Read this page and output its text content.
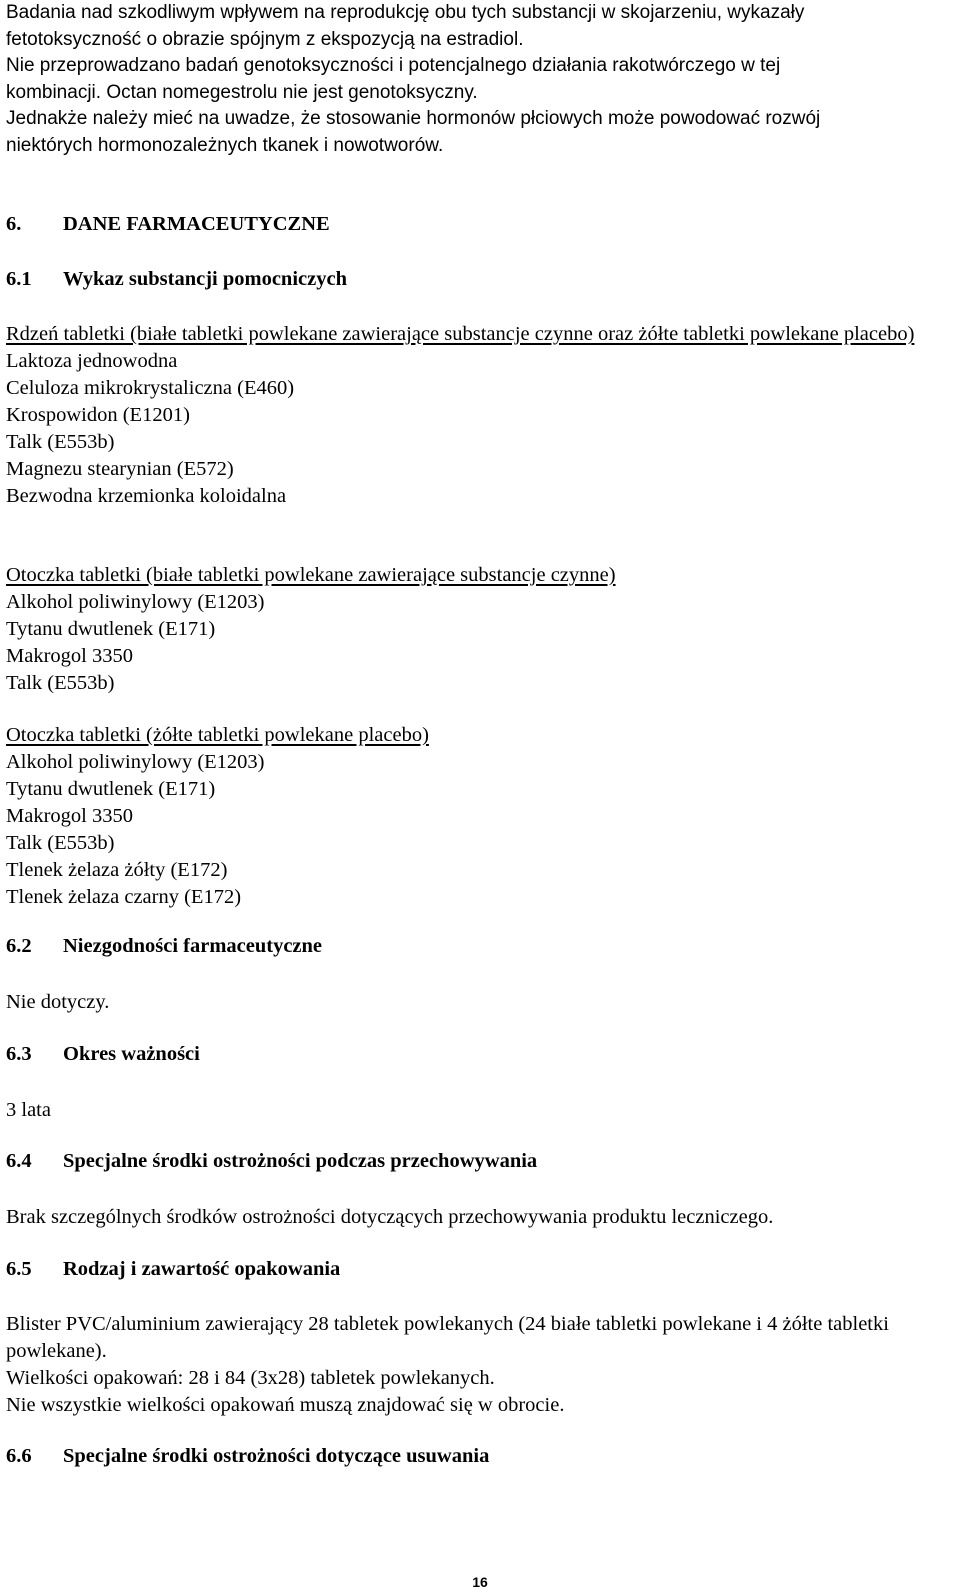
Badania nad szkodliwym wpływem na reprodukcję obu tych substancji w skojarzeniu, wykazały
fetotoksyczność o obrazie spójnym z ekspozycją na estradiol.
Nie przeprowadzano badań genotoksyczności i potencjalnego działania rakotwórczego w tej
kombinacji. Octan nomegestrolu nie jest genotoksyczny.
Jednakże należy mieć na uwadze, że stosowanie hormonów płciowych może powodować rozwój
niektórych hormonozależnych tkanek i nowotworów.
6. DANE FARMACEUTYCZNE
6.1 Wykaz substancji pomocniczych
Rdzeń tabletki (białe tabletki powlekane zawierające substancje czynne oraz żółte tabletki powlekane placebo)
Laktoza jednowodna
Celuloza mikrokrystaliczna (E460)
Krospowidon (E1201)
Talk (E553b)
Magnezu stearynian (E572)
Bezwodna krzemionka koloidalna
Otoczka tabletki (białe tabletki powlekane zawierające substancje czynne)
Alkohol poliwinylowy (E1203)
Tytanu dwutlenek (E171)
Makrogol 3350
Talk (E553b)
Otoczka tabletki (żółte tabletki powlekane placebo)
Alkohol poliwinylowy (E1203)
Tytanu dwutlenek (E171)
Makrogol 3350
Talk (E553b)
Tlenek żelaza żółty (E172)
Tlenek żelaza czarny (E172)
6.2 Niezgodności farmaceutyczne
Nie dotyczy.
6.3 Okres ważności
3 lata
6.4 Specjalne środki ostrożności podczas przechowywania
Brak szczególnych środków ostrożności dotyczących przechowywania produktu leczniczego.
6.5 Rodzaj i zawartość opakowania
Blister PVC/aluminium zawierający 28 tabletek powlekanych (24 białe tabletki powlekane i 4 żółte tabletki powlekane).
Wielkości opakowań: 28 i 84 (3x28) tabletek powlekanych.
Nie wszystkie wielkości opakowań muszą znajdować się w obrocie.
6.6 Specjalne środki ostrożności dotyczące usuwania
16
